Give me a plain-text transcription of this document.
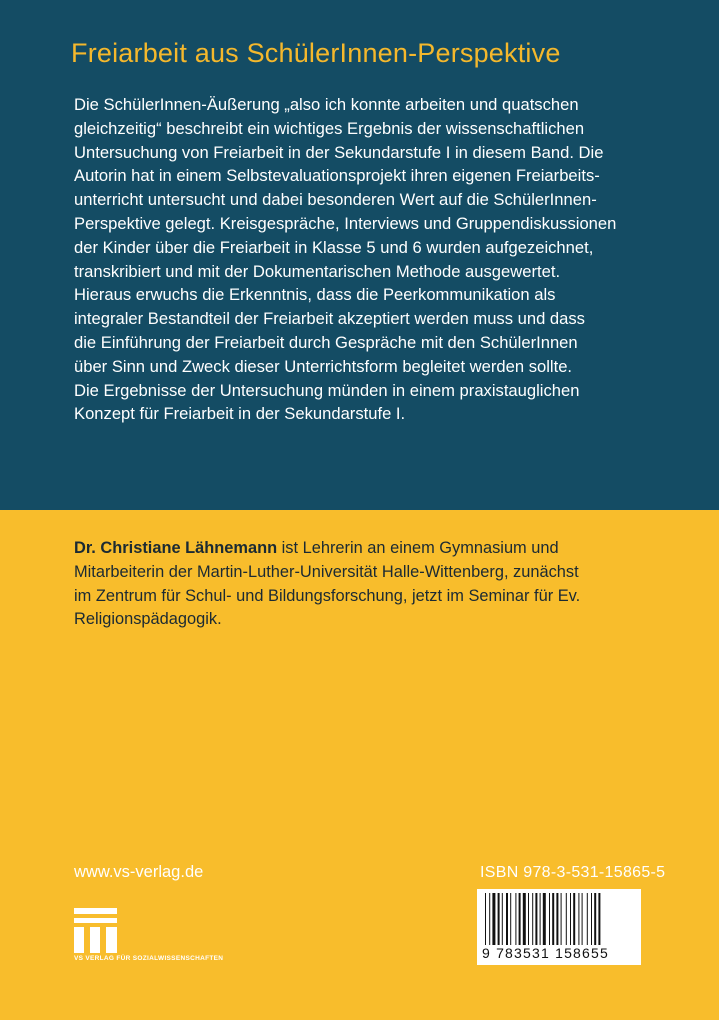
Freiarbeit aus SchülerInnen-Perspektive
Die SchülerInnen-Äußerung „also ich konnte arbeiten und quatschen
gleichzeitig“ beschreibt ein wichtiges Ergebnis der wissenschaftlichen
Untersuchung von Freiarbeit in der Sekundarstufe I in diesem Band. Die
Autorin hat in einem Selbstevaluationsprojekt ihren eigenen Freiarbeits-
unterricht untersucht und dabei besonderen Wert auf die SchülerInnen-
Perspektive gelegt. Kreisgespräche, Interviews und Gruppendiskussionen
der Kinder über die Freiarbeit in Klasse 5 und 6 wurden aufgezeichnet,
transkribiert und mit der Dokumentarischen Methode ausgewertet.
Hieraus erwuchs die Erkenntnis, dass die Peerkommunikation als
integraler Bestandteil der Freiarbeit akzeptiert werden muss und dass
die Einführung der Freiarbeit durch Gespräche mit den SchülerInnen
über Sinn und Zweck dieser Unterrichtsform begleitet werden sollte.
Die Ergebnisse der Untersuchung münden in einem praxistauglichen
Konzept für Freiarbeit in der Sekundarstufe I.
Dr. Christiane Lähnemann ist Lehrerin an einem Gymnasium und
Mitarbeiterin der Martin-Luther-Universität Halle-Wittenberg, zunächst
im Zentrum für Schul- und Bildungsforschung, jetzt im Seminar für Ev.
Religionspädagogik.
www.vs-verlag.de
VS VERLAG FÜR SOZIALWISSENSCHAFTEN
ISBN 978-3-531-15865-5
9 783531 158655
